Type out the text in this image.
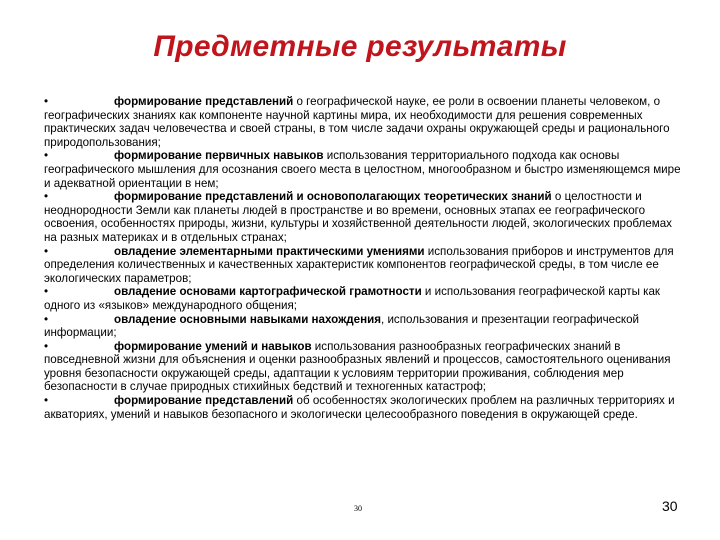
Предметные результаты

•	формирование представлений о географической науке, ее роли в освоении планеты человеком, о географических знаниях как компоненте научной картины мира, их необходимости для решения современных практических задач человечества и своей страны, в том числе задачи охраны окружающей среды и рационального природопользования;

•	формирование первичных навыков использования территориального подхода как основы географического мышления для осознания своего места в целостном, многообразном и быстро изменяющемся мире и адекватной ориентации в нем;

•	формирование представлений и основополагающих теоретических знаний о целостности и неоднородности Земли как планеты людей в пространстве и во времени, основных этапах ее географического освоения, особенностях природы, жизни, культуры и хозяйственной деятельности людей, экологических проблемах на разных материках и в отдельных странах;

•	овладение элементарными практическими умениями использования приборов и инструментов для определения количественных и качественных характеристик компонентов географической среды, в том числе ее экологических параметров;

•	овладение основами картографической грамотности и использования географической карты как одного из «языков» международного общения;

•	овладение основными навыками нахождения, использования и презентации географической информации;

•	формирование умений и навыков использования разнообразных географических знаний в повседневной жизни для объяснения и оценки разнообразных явлений и процессов, самостоятельного оценивания уровня безопасности окружающей среды, адаптации к условиям территории проживания, соблюдения мер безопасности в случае природных стихийных бедствий и техногенных катастроф;

•	формирование представлений об особенностях экологических проблем на различных территориях и акваториях, умений и навыков безопасного и экологически целесообразного поведения в окружающей среде.

30	30
